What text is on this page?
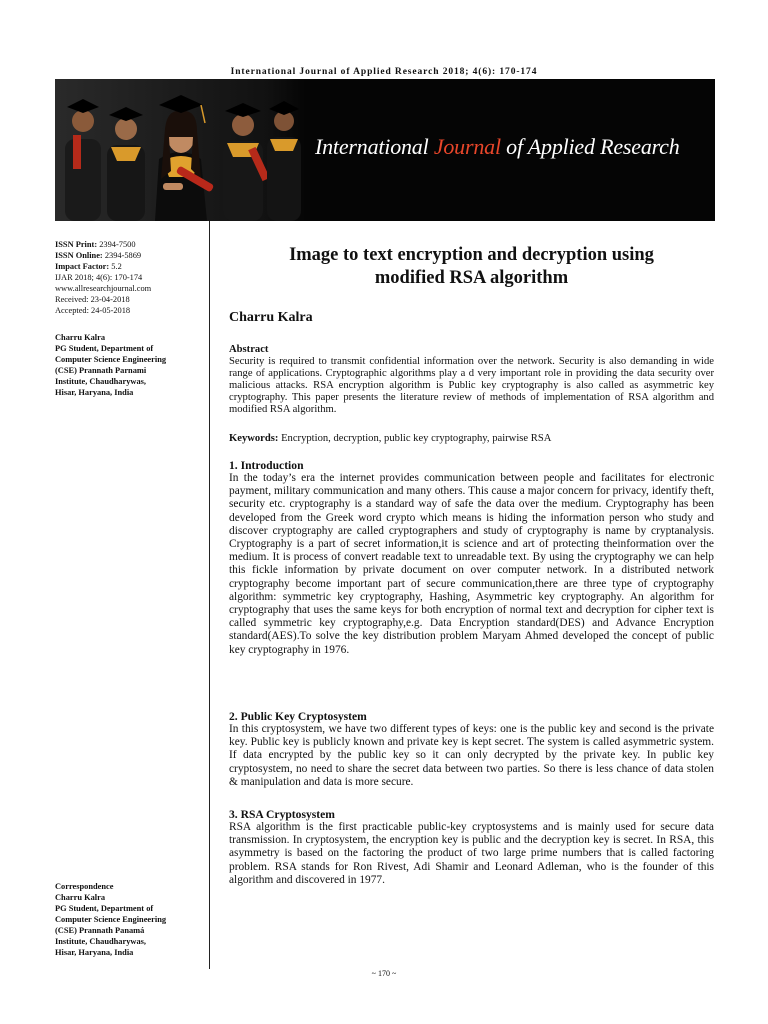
International Journal of Applied Research 2018; 4(6): 170-174
International Journal of Applied Research
ISSN Print: 2394-7500
ISSN Online: 2394-5869
Impact Factor: 5.2
IJAR 2018; 4(6): 170-174
www.allresearchjournal.com
Received: 23-04-2018
Accepted: 24-05-2018
Charru Kalra
PG Student, Department of
Computer Science Engineering
(CSE) Prannath Parnami
Institute, Chaudharywas,
Hisar, Haryana, India
Correspondence
Charru Kalra
PG Student, Department of
Computer Science Engineering
(CSE) Prannath Panamá
Institute, Chaudharywas,
Hisar, Haryana, India
Image to text encryption and decryption using
modified RSA algorithm
Charru Kalra
Abstract
Security is required to transmit confidential information over the network. Security is also demanding in wide range of applications. Cryptographic algorithms play a d very important role in providing the data security over malicious attacks. RSA encryption algorithm is Public key cryptography is also called as asymmetric key cryptography. This paper presents the literature review of methods of implementation of RSA algorithm and modified RSA algorithm.
Keywords: Encryption, decryption, public key cryptography, pairwise RSA
1. Introduction
In the today’s era the internet provides communication between people and facilitates for electronic payment, military communication and many others. This cause a major concern for privacy, identify theft, security etc. cryptography is a standard way of safe the data over the medium. Cryptography has been developed from the Greek word crypto which means is hiding the information person who study and discover cryptography are called cryptographers and study of cryptography is name by cryptanalysis. Cryptography is a part of secret information,it is science and art of protecting theinformation over the medium. It is process of convert readable text to unreadable text. By using the cryptography we can help this fickle information by private document on over computer network. In a distributed network cryptography become important part of secure communication,there are three type of cryptography algorithm: symmetric key cryptography, Hashing, Asymmetric key cryptography. An algorithm for cryptography that uses the same keys for both encryption of normal text and decryption for cipher text is called symmetric key cryptography,e.g. Data Encryption standard(DES) and Advance Encryption standard(AES).To solve the key distribution problem Maryam Ahmed developed the concept of public key cryptography in 1976.
2. Public Key Cryptosystem
In this cryptosystem, we have two different types of keys: one is the public key and second is the private key. Public key is publicly known and private key is kept secret. The system is called asymmetric system. If data encrypted by the public key so it can only decrypted by the private key. In public key cryptosystem, no need to share the secret data between two parties. So there is less chance of data stolen & manipulation and data is more secure.
3. RSA Cryptosystem
RSA algorithm is the first practicable public-key cryptosystems and is mainly used for secure data transmission. In cryptosystem, the encryption key is public and the decryption key is secret. In RSA, this asymmetry is based on the factoring the product of two large prime numbers that is called factoring problem. RSA stands for Ron Rivest, Adi Shamir and Leonard Adleman, who is the founder of this algorithm and discovered in 1977.
~ 170 ~
